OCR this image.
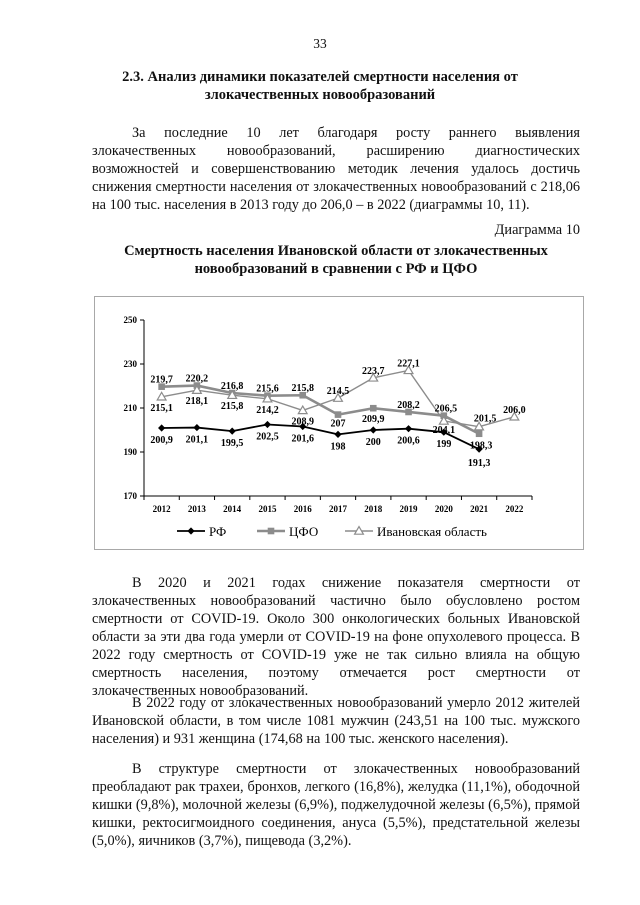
33
2.3. Анализ динамики показателей смертности населения от злокачественных новообразований
За последние 10 лет благодаря росту раннего выявления злокачественных новообразований, расширению диагностических возможностей и совершенствованию методик лечения удалось достичь снижения смертности населения от злокачественных новообразований с 218,06 на 100 тыс. населения в 2013 году до 206,0 – в 2022 (диаграммы 10, 11).
Диаграмма 10
Смертность населения Ивановской области от злокачественных новообразований в сравнении с РФ и ЦФО
170
190
210
230
250
2012 2013 2014 2015 2016 2017 2018 2019 2020 2021 2022
200,9 201,1 199,5
202,5 201,6
198 200 200,6 199
191,3
219,7 220,2
216,8 215,6 215,8
207 209,9
208,2 206,5
198,3
215,1
218,1 215,8 214,2
208,9
214,5
223,7
227,1
204,1
201,5
206,0
РФ	ЦФО	Ивановская область
В 2020 и 2021 годах снижение показателя смертности от злокачественных новообразований частично было обусловлено ростом смертности от COVID-19. Около 300 онкологических больных Ивановской области за эти два года умерли от COVID-19 на фоне опухолевого процесса. В 2022 году смертность от COVID-19 уже не так сильно влияла на общую смертность населения, поэтому отмечается рост смертности от злокачественных новообразований.
В 2022 году от злокачественных новообразований умерло 2012 жителей Ивановской области, в том числе 1081 мужчин (243,51 на 100 тыс. мужского населения) и 931 женщина (174,68 на 100 тыс. женского населения).
В структуре смертности от злокачественных новообразований преобладают рак трахеи, бронхов, легкого (16,8%), желудка (11,1%), ободочной кишки (9,8%), молочной железы (6,9%), поджелудочной железы (6,5%), прямой кишки, ректосигмоидного соединения, ануса (5,5%), предстательной железы (5,0%), яичников (3,7%), пищевода (3,2%).
